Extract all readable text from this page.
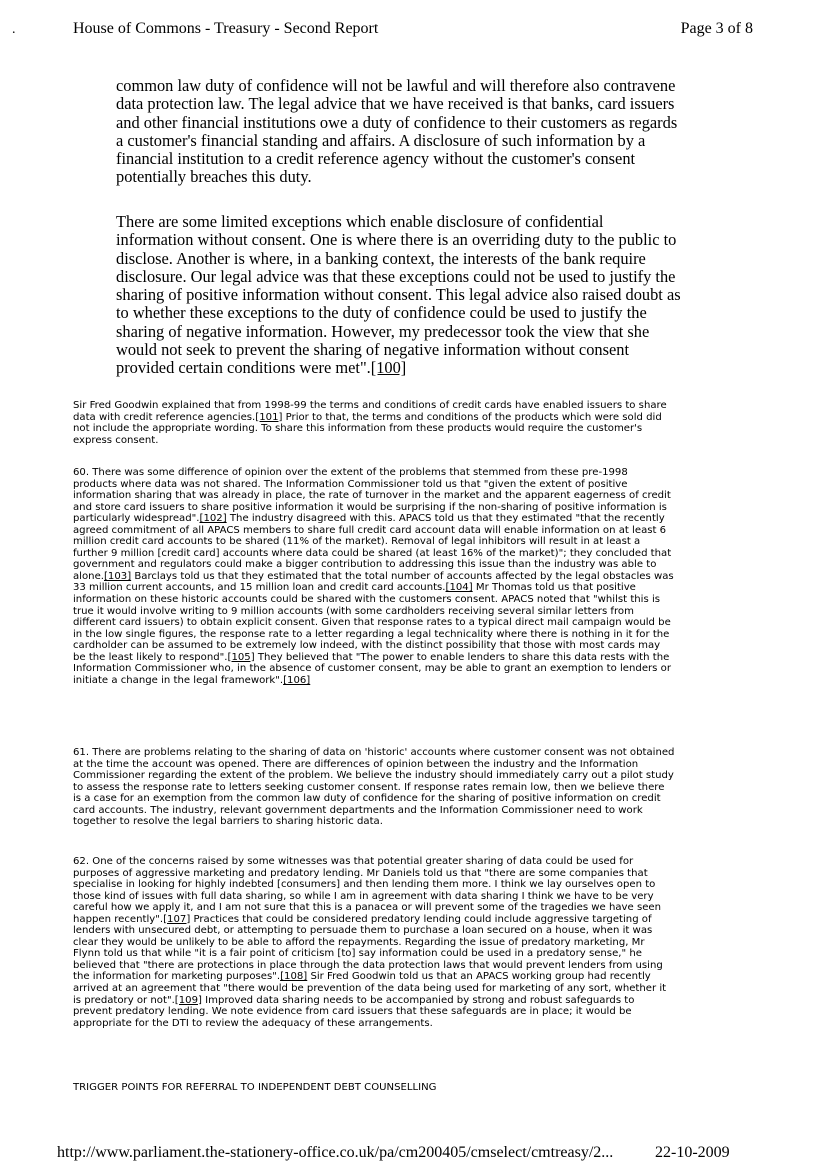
.	House of Commons - Treasury - Second Report	Page 3 of 8

common law duty of confidence will not be lawful and will therefore also contravene data protection law. The legal advice that we have received is that banks, card issuers and other financial institutions owe a duty of confidence to their customers as regards a customer's financial standing and affairs. A disclosure of such information by a financial institution to a credit reference agency without the customer's consent potentially breaches this duty.

There are some limited exceptions which enable disclosure of confidential information without consent. One is where there is an overriding duty to the public to disclose. Another is where, in a banking context, the interests of the bank require disclosure. Our legal advice was that these exceptions could not be used to justify the sharing of positive information without consent. This legal advice also raised doubt as to whether these exceptions to the duty of confidence could be used to justify the sharing of negative information. However, my predecessor took the view that she would not seek to prevent the sharing of negative information without consent provided certain conditions were met".[100]

Sir Fred Goodwin explained that from 1998-99 the terms and conditions of credit cards have enabled issuers to share data with credit reference agencies.[101] Prior to that, the terms and conditions of the products which were sold did not include the appropriate wording. To share this information from these products would require the customer's express consent.

60. There was some difference of opinion over the extent of the problems that stemmed from these pre-1998 products where data was not shared. The Information Commissioner told us that "given the extent of positive information sharing that was already in place, the rate of turnover in the market and the apparent eagerness of credit and store card issuers to share positive information it would be surprising if the non-sharing of positive information is particularly widespread".[102] The industry disagreed with this. APACS told us that they estimated "that the recently agreed commitment of all APACS members to share full credit card account data will enable information on at least 6 million credit card accounts to be shared (11% of the market). Removal of legal inhibitors will result in at least a further 9 million [credit card] accounts where data could be shared (at least 16% of the market)"; they concluded that government and regulators could make a bigger contribution to addressing this issue than the industry was able to alone.[103] Barclays told us that they estimated that the total number of accounts affected by the legal obstacles was 33 million current accounts, and 15 million loan and credit card accounts.[104] Mr Thomas told us that positive information on these historic accounts could be shared with the customers consent. APACS noted that "whilst this is true it would involve writing to 9 million accounts (with some cardholders receiving several similar letters from different card issuers) to obtain explicit consent. Given that response rates to a typical direct mail campaign would be in the low single figures, the response rate to a letter regarding a legal technicality where there is nothing in it for the cardholder can be assumed to be extremely low indeed, with the distinct possibility that those with most cards may be the least likely to respond".[105] They believed that "The power to enable lenders to share this data rests with the Information Commissioner who, in the absence of customer consent, may be able to grant an exemption to lenders or initiate a change in the legal framework".[106]

61. There are problems relating to the sharing of data on 'historic' accounts where customer consent was not obtained at the time the account was opened. There are differences of opinion between the industry and the Information Commissioner regarding the extent of the problem. We believe the industry should immediately carry out a pilot study to assess the response rate to letters seeking customer consent. If response rates remain low, then we believe there is a case for an exemption from the common law duty of confidence for the sharing of positive information on credit card accounts. The industry, relevant government departments and the Information Commissioner need to work together to resolve the legal barriers to sharing historic data.

62. One of the concerns raised by some witnesses was that potential greater sharing of data could be used for purposes of aggressive marketing and predatory lending. Mr Daniels told us that "there are some companies that specialise in looking for highly indebted [consumers] and then lending them more. I think we lay ourselves open to those kind of issues with full data sharing, so while I am in agreement with data sharing I think we have to be very careful how we apply it, and I am not sure that this is a panacea or will prevent some of the tragedies we have seen happen recently".[107] Practices that could be considered predatory lending could include aggressive targeting of lenders with unsecured debt, or attempting to persuade them to purchase a loan secured on a house, when it was clear they would be unlikely to be able to afford the repayments. Regarding the issue of predatory marketing, Mr Flynn told us that while "it is a fair point of criticism [to] say information could be used in a predatory sense," he believed that "there are protections in place through the data protection laws that would prevent lenders from using the information for marketing purposes".[108] Sir Fred Goodwin told us that an APACS working group had recently arrived at an agreement that "there would be prevention of the data being used for marketing of any sort, whether it is predatory or not".[109] Improved data sharing needs to be accompanied by strong and robust safeguards to prevent predatory lending. We note evidence from card issuers that these safeguards are in place; it would be appropriate for the DTI to review the adequacy of these arrangements.

TRIGGER POINTS FOR REFERRAL TO INDEPENDENT DEBT COUNSELLING
http://www.parliament.the-stationery-office.co.uk/pa/cm200405/cmselect/cmtreasy/2...	22-10-2009
